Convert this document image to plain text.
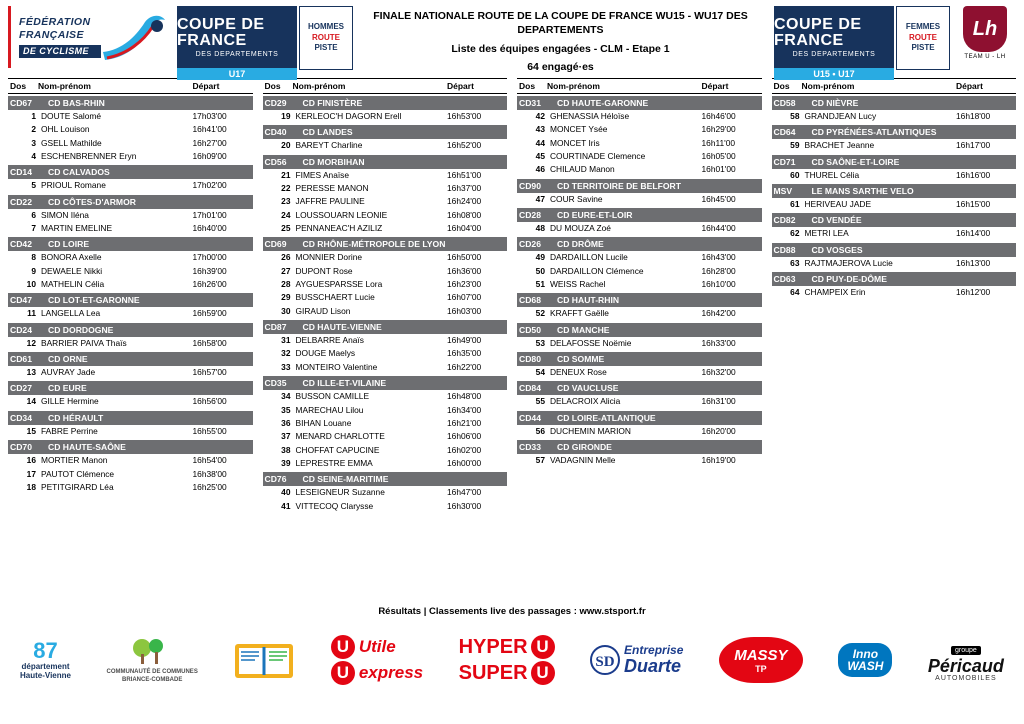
FÉDÉRATION
FRANÇAISE
DE CYCLISME
COUPE DE FRANCE
DES DEPARTEMENTS
U17
HOMMES
ROUTE
PISTE
FINALE NATIONALE ROUTE DE LA COUPE DE FRANCE WU15 - WU17 DES DEPARTEMENTS
Liste des équipes engagées - CLM - Etape 1
64 engagé·es
COUPE DE FRANCE
DES DEPARTEMENTS
U15 • U17
FEMMES
ROUTE
PISTE
Lh
TEAM U - LH
Dos	Nom-prénom	Départ
CD67	CD BAS-RHIN
1 DOUTE Salomé	17h03'00
2 OHL Louison	16h41'00
3 GSELL Mathilde	16h27'00
4 ESCHENBRENNER Eryn	16h09'00
CD14	CD CALVADOS
5 PRIOUL Romane	17h02'00
CD22	CD CÔTES-D'ARMOR
6 SIMON Iléna	17h01'00
7 MARTIN EMELINE	16h40'00
CD42	CD LOIRE
8 BONORA Axelle	17h00'00
9 DEWAELE Nikki	16h39'00
10 MATHELIN Célia	16h26'00
CD47	CD LOT-ET-GARONNE
11 LANGELLA Lea	16h59'00
CD24	CD DORDOGNE
12 BARRIER PAIVA Thaïs	16h58'00
CD61	CD ORNE
13 AUVRAY Jade	16h57'00
CD27	CD EURE
14 GILLE Hermine	16h56'00
CD34	CD HÉRAULT
15 FABRE Perrine	16h55'00
CD70	CD HAUTE-SAÔNE
16 MORTIER Manon	16h54'00
17 PAUTOT Clémence	16h38'00
18 PETITGIRARD Léa	16h25'00
Dos	Nom-prénom	Départ
CD29	CD FINISTÈRE
19 KERLEOC'H DAGORN Erell	16h53'00
CD40	CD LANDES
20 BAREYT Charline	16h52'00
CD56	CD MORBIHAN
21 FIMES Anaïse	16h51'00
22 PERESSE MANON	16h37'00
23 JAFFRE PAULINE	16h24'00
24 LOUSSOUARN LEONIE	16h08'00
25 PENNANEAC'H AZILIZ	16h04'00
CD69	CD RHÔNE-MÉTROPOLE DE LYON
26 MONNIER Dorine	16h50'00
27 DUPONT Rose	16h36'00
28 AYGUESPARSSE Lora	16h23'00
29 BUSSCHAERT Lucie	16h07'00
30 GIRAUD Lison	16h03'00
CD87	CD HAUTE-VIENNE
31 DELBARRE Anaïs	16h49'00
32 DOUGE Maelys	16h35'00
33 MONTEIRO Valentine	16h22'00
CD35	CD ILLE-ET-VILAINE
34 BUSSON CAMILLE	16h48'00
35 MARECHAU Lilou	16h34'00
36 BIHAN Louane	16h21'00
37 MENARD CHARLOTTE	16h06'00
38 CHOFFAT CAPUCINE	16h02'00
39 LEPRESTRE EMMA	16h00'00
CD76	CD SEINE-MARITIME
40 LESEIGNEUR Suzanne	16h47'00
41 VITTECOQ Clarysse	16h30'00
Dos	Nom-prénom	Départ
CD31	CD HAUTE-GARONNE
42 GHENASSIA Héloïse	16h46'00
43 MONCET Ysée	16h29'00
44 MONCET Iris	16h11'00
45 COURTINADE Clemence	16h05'00
46 CHILAUD Manon	16h01'00
CD90	CD TERRITOIRE DE BELFORT
47 COUR Savine	16h45'00
CD28	CD EURE-ET-LOIR
48 DU MOUZA Zoé	16h44'00
CD26	CD DRÔME
49 DARDAILLON Lucile	16h43'00
50 DARDAILLON Clémence	16h28'00
51 WEISS Rachel	16h10'00
CD68	CD HAUT-RHIN
52 KRAFFT Gaëlle	16h42'00
CD50	CD MANCHE
53 DELAFOSSE Noëmie	16h33'00
CD80	CD SOMME
54 DENEUX Rose	16h32'00
CD84	CD VAUCLUSE
55 DELACROIX Alicia	16h31'00
CD44	CD LOIRE-ATLANTIQUE
56 DUCHEMIN MARION	16h20'00
CD33	CD GIRONDE
57 VADAGNIN Melle	16h19'00
Dos	Nom-prénom	Départ
CD58	CD NIÈVRE
58 GRANDJEAN Lucy	16h18'00
CD64	CD PYRÉNÉES-ATLANTIQUES
59 BRACHET Jeanne	16h17'00
CD71	CD SAÔNE-ET-LOIRE
60 THUREL Célia	16h16'00
MSV	LE MANS SARTHE VELO
61 HERIVEAU JADE	16h15'00
CD82	CD VENDÉE
62 METRI LEA	16h14'00
CD88	CD VOSGES
63 RAJTMAJEROVA Lucie	16h13'00
CD63	CD PUY-DE-DÔME
64 CHAMPEIX Erin	16h12'00
Résultats | Classements live des passages : www.stsport.fr
87
département
Haute-Vienne	COMMUNAUTÉ DE COMMUNES
BRIANCE-COMBADE
U Utile
U express
HYPER U
SUPER U
SD
Entreprise
Duarte
MASSY
TP
Inno
WASH
groupe
Péricaud
AUTOMOBILES
